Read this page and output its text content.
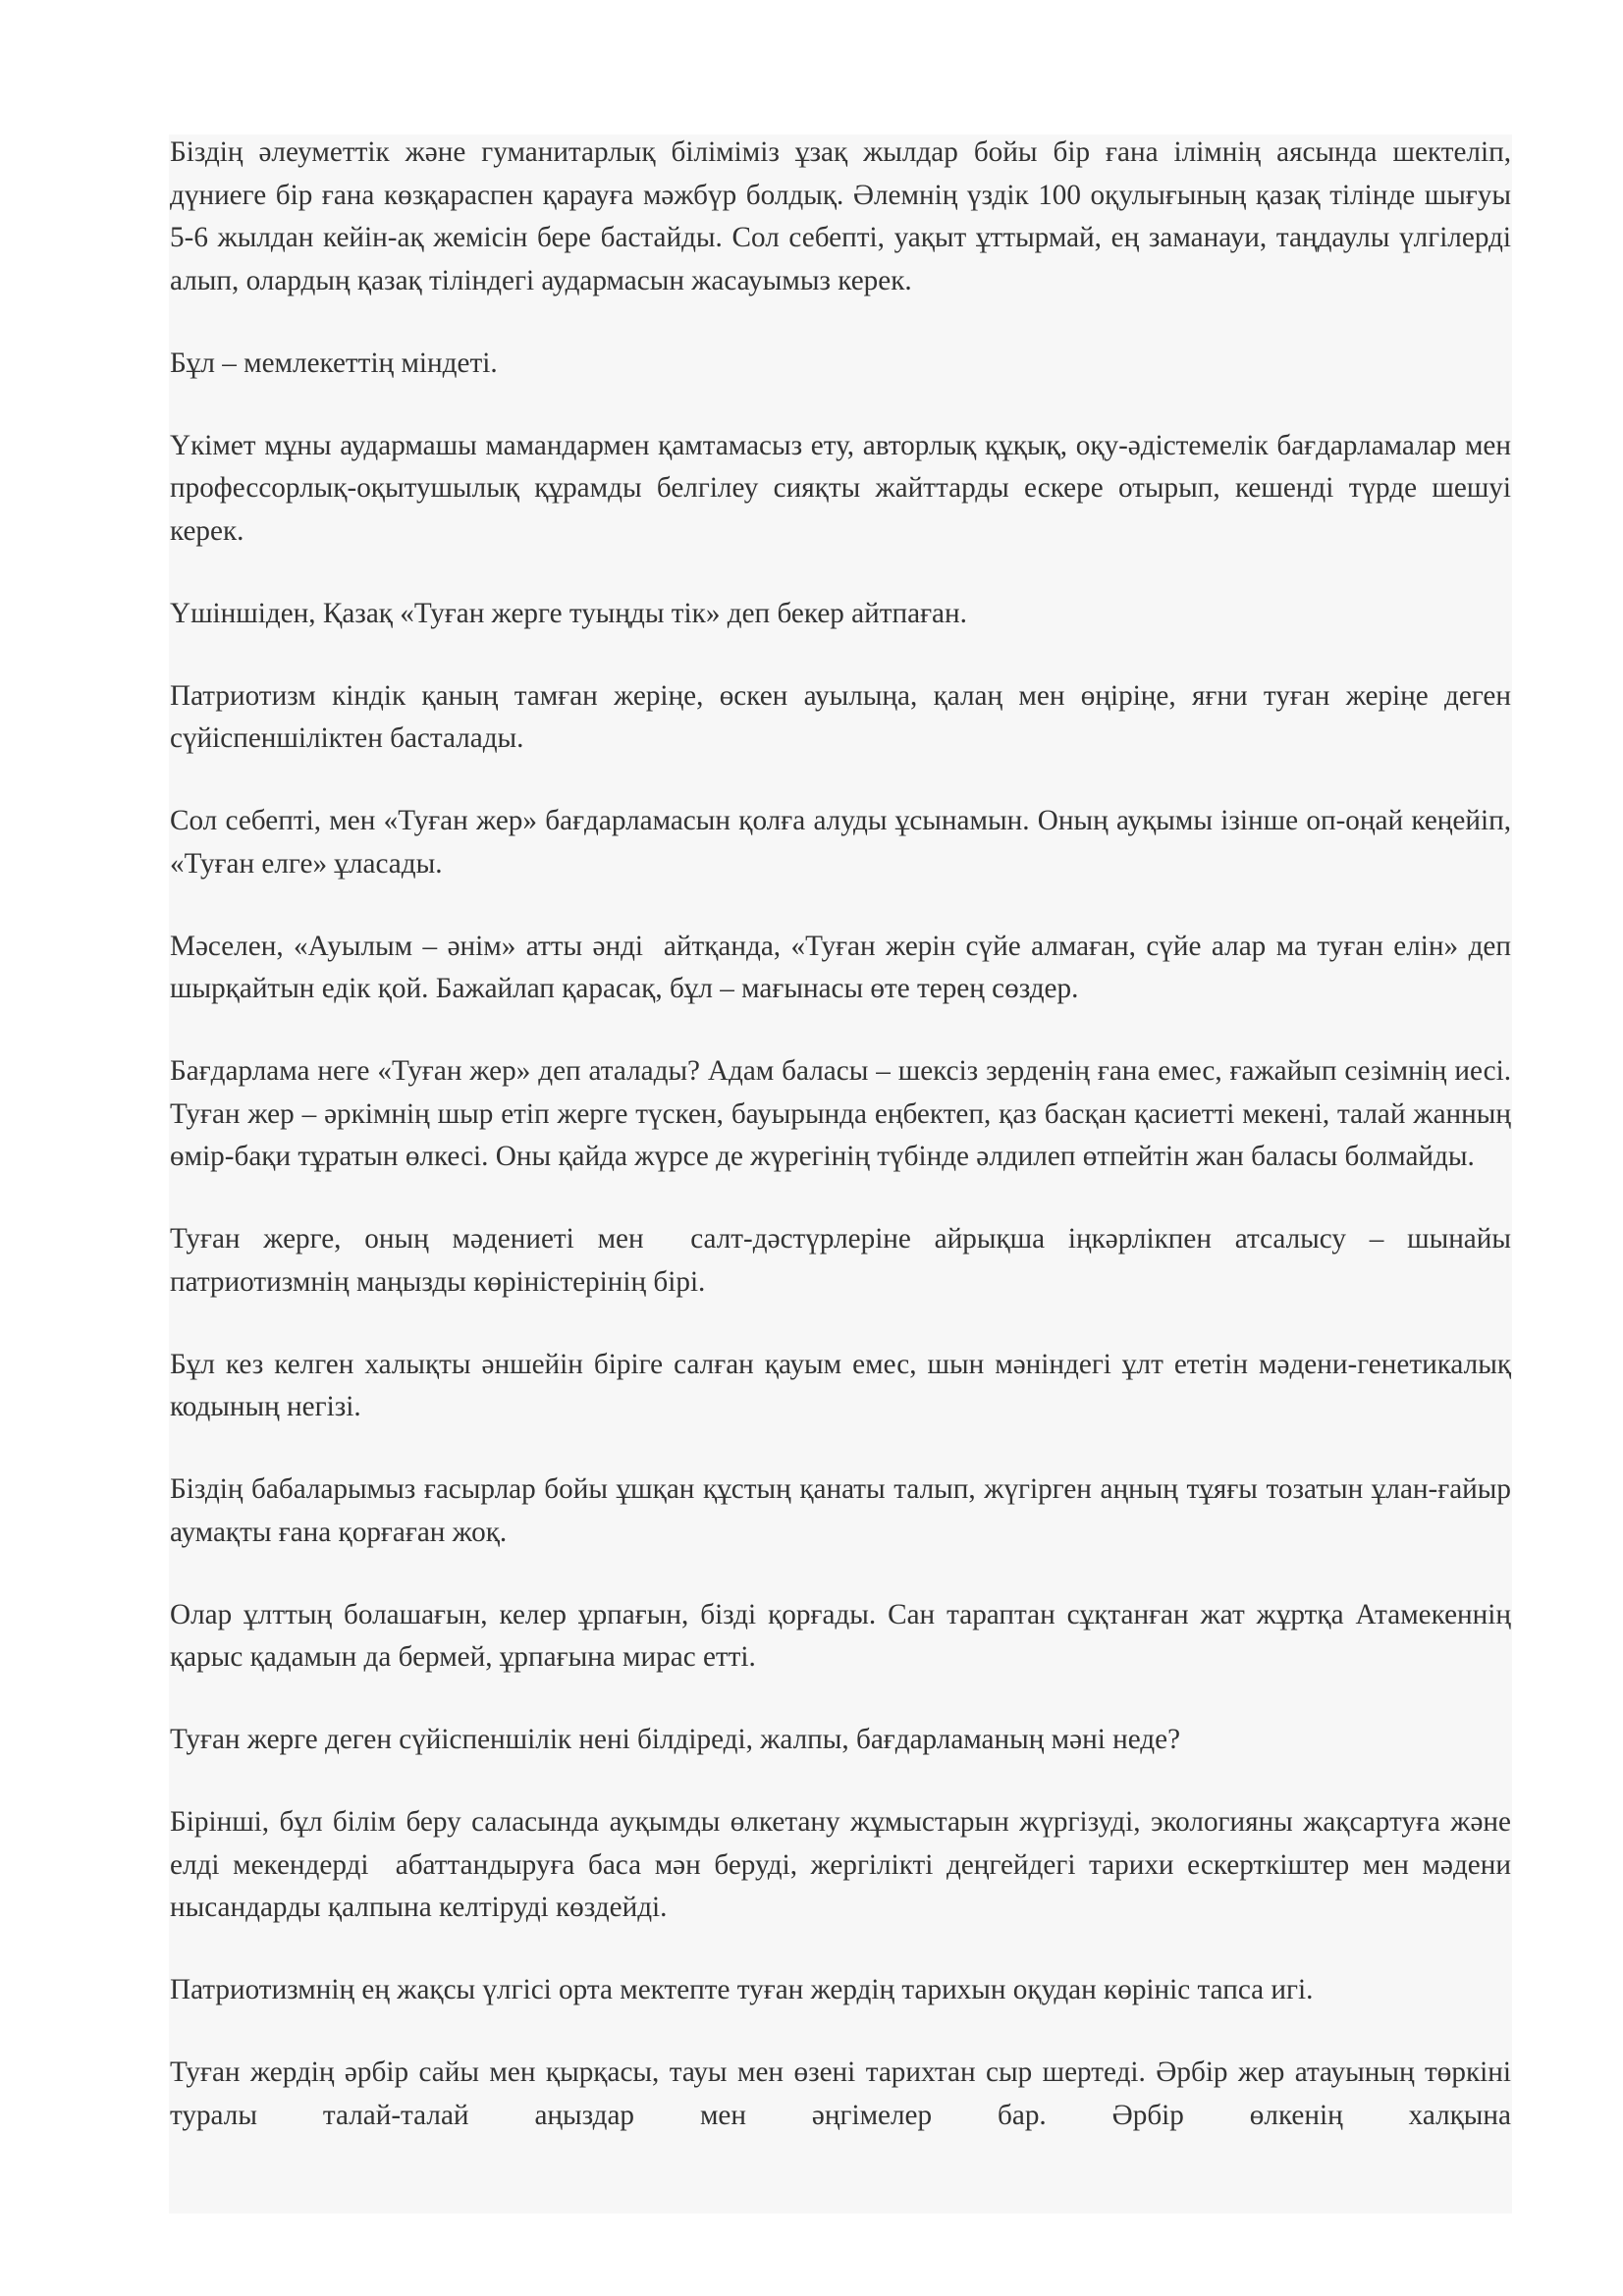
Біздің әлеуметтік және гуманитарлық біліміміз ұзақ жылдар бойы бір ғана ілімнің аясында шектеліп, дүниеге бір ғана көзқараспен қарауға мәжбүр болдық. Әлемнің үздік 100 оқулығының қазақ тілінде шығуы 5-6 жылдан кейін-ақ жемісін бере бастайды. Сол себепті, уақыт ұттырмай, ең заманауи, таңдаулы үлгілерді алып, олардың қазақ тіліндегі аудармасын жасауымыз керек.

Бұл – мемлекеттің міндеті.

Үкімет мұны аудармашы мамандармен қамтамасыз ету, авторлық құқық, оқу-әдістемелік бағдарламалар мен профессорлық-оқытушылық құрамды белгілеу сияқты жайттарды ескере отырып, кешенді түрде шешуі керек.

Үшіншіден, Қазақ «Туған жерге туыңды тік» деп бекер айтпаған.

Патриотизм кіндік қаның тамған жеріңе, өскен ауылыңа, қалаң мен өңіріңе, яғни туған жеріңе деген сүйіспеншіліктен басталады.

Сол себепті, мен «Туған жер» бағдарламасын қолға алуды ұсынамын. Оның ауқымы ізінше оп-оңай кеңейіп, «Туған елге» ұласады.

Мәселен, «Ауылым – әнім» атты әнді  айтқанда, «Туған жерін сүйе алмаған, сүйе алар ма туған елін» деп шырқайтын едік қой. Бажайлап қарасақ, бұл – мағынасы өте терең сөздер.

Бағдарлама неге «Туған жер» деп аталады? Адам баласы – шексіз зерденің ғана емес, ғажайып сезімнің иесі. Туған жер – әркімнің шыр етіп жерге түскен, бауырында еңбектеп, қаз басқан қасиетті мекені, талай жанның өмір-бақи тұратын өлкесі. Оны қайда жүрсе де жүрегінің түбінде әлдилеп өтпейтін жан баласы болмайды.

Туған жерге, оның мәдениеті мен  салт-дәстүрлеріне айрықша іңкәрлікпен атсалысу – шынайы патриотизмнің маңызды көріністерінің бірі.

Бұл кез келген халықты әншейін біріге салған қауым емес, шын мәніндегі ұлт ететін мәдени-генетикалық кодының негізі.

Біздің бабаларымыз ғасырлар бойы ұшқан құстың қанаты талып, жүгірген аңның тұяғы тозатын ұлан-ғайыр аумақты ғана қорғаған жоқ.

Олар ұлттың болашағын, келер ұрпағын, бізді қорғады. Сан тараптан сұқтанған жат жұртқа Атамекеннің қарыс қадамын да бермей, ұрпағына мирас етті.

Туған жерге деген сүйіспеншілік нені білдіреді, жалпы, бағдарламаның мәні неде?

Бірінші, бұл білім беру саласында ауқымды өлкетану жұмыстарын жүргізуді, экологияны жақсартуға және елді мекендерді  абаттандыруға баса мән беруді, жергілікті деңгейдегі тарихи ескерткіштер мен мәдени нысандарды қалпына келтіруді көздейді.

Патриотизмнің ең жақсы үлгісі орта мектепте туған жердің тарихын оқудан көрініс тапса игі.

Туған жердің әрбір сайы мен қырқасы, тауы мен өзені тарихтан сыр шертеді. Әрбір жер атауының төркіні туралы талай-талай аңыздар мен әңгімелер бар. Әрбір өлкенің халқына
